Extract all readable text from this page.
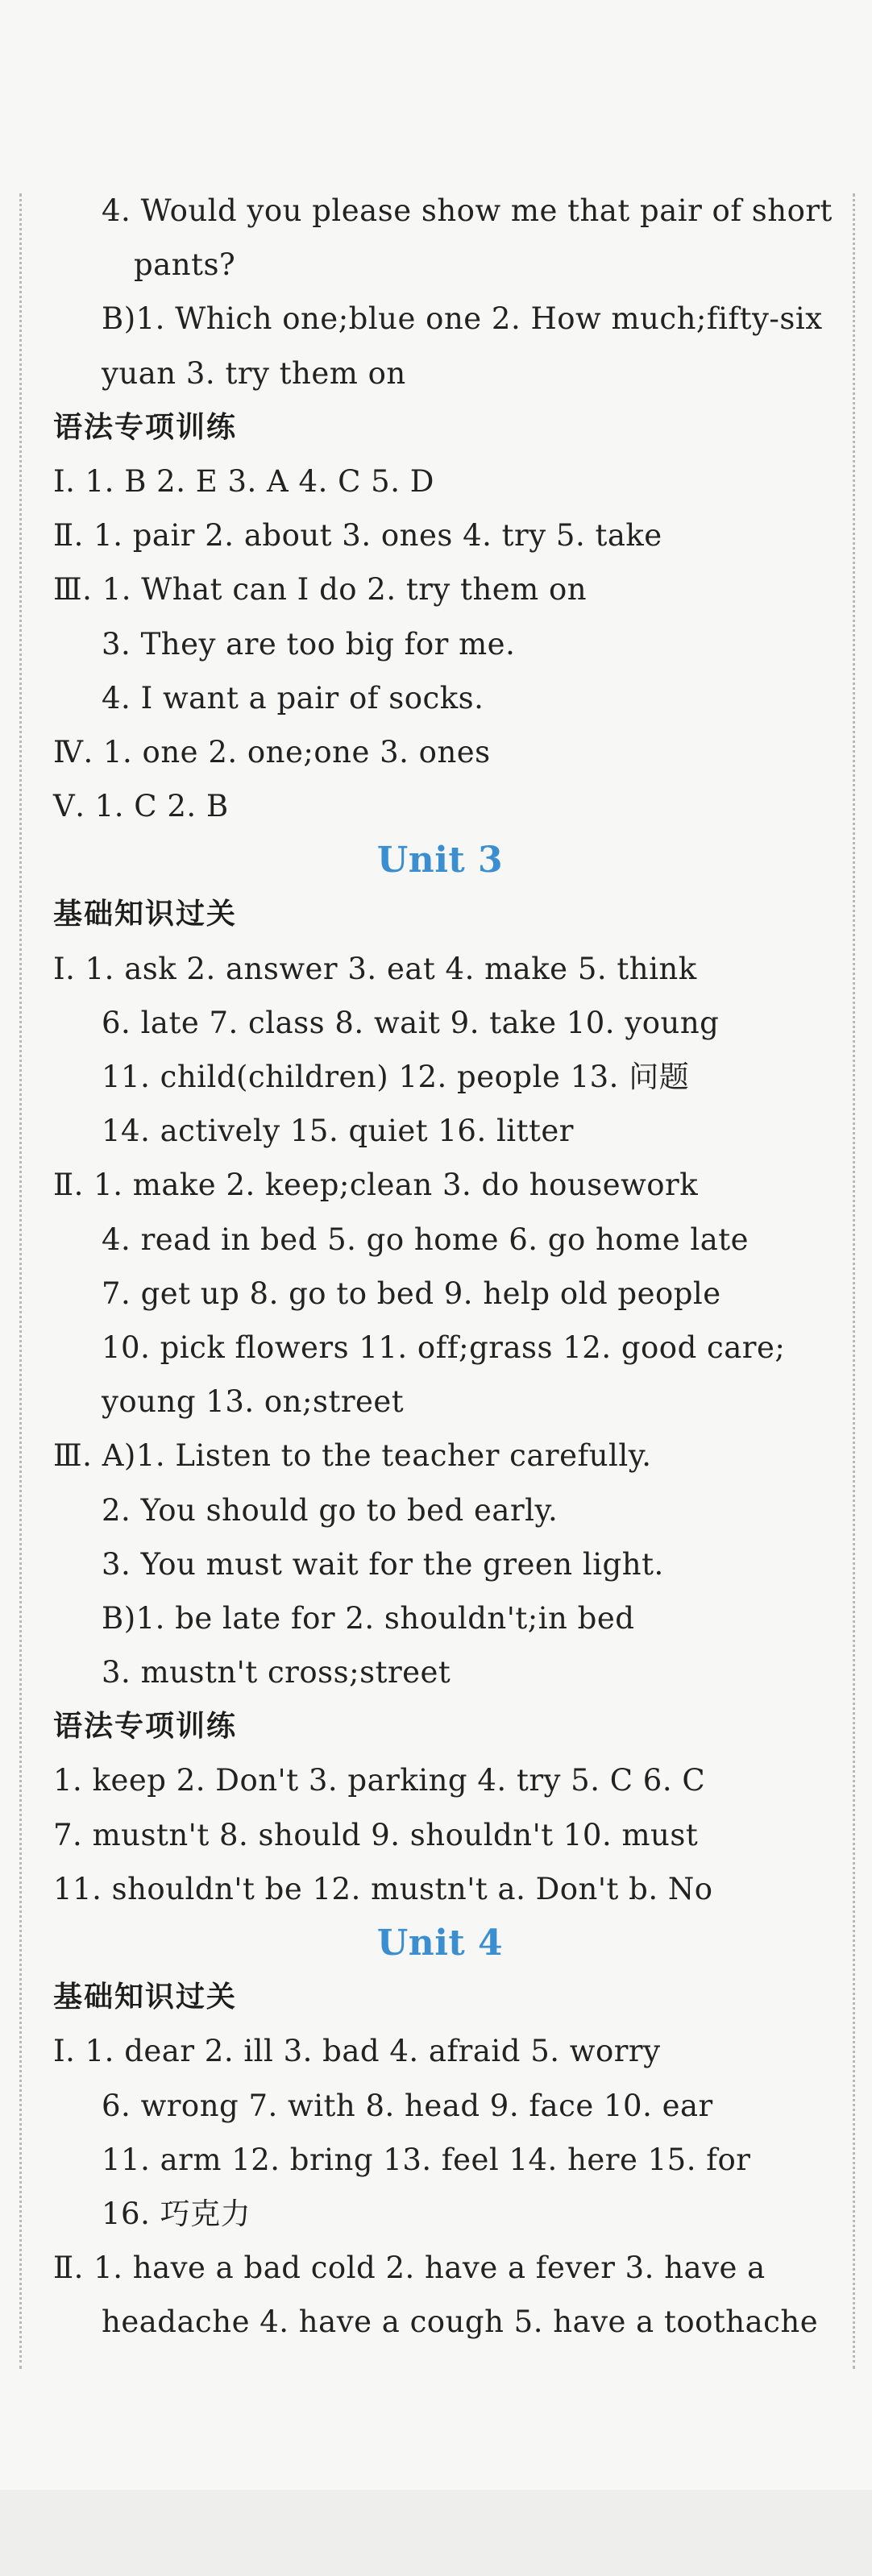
4. Would you please show me that pair of short
pants?
B)1. Which one;blue one 2. How much;fifty-six
yuan 3. try them on
语法专项训练
Ⅰ. 1. B 2. E 3. A 4. C 5. D
Ⅱ. 1. pair 2. about 3. ones 4. try 5. take
Ⅲ. 1. What can I do 2. try them on
3. They are too big for me.
4. I want a pair of socks.
Ⅳ. 1. one 2. one;one 3. ones
Ⅴ. 1. C 2. B
Unit 3
基础知识过关
Ⅰ. 1. ask 2. answer 3. eat 4. make 5. think
6. late 7. class 8. wait 9. take 10. young
11. child(children) 12. people 13. 问题
14. actively 15. quiet 16. litter
Ⅱ. 1. make 2. keep;clean 3. do housework
4. read in bed 5. go home 6. go home late
7. get up 8. go to bed 9. help old people
10. pick flowers 11. off;grass 12. good care;
young 13. on;street
Ⅲ. A)1. Listen to the teacher carefully.
2. You should go to bed early.
3. You must wait for the green light.
B)1. be late for 2. shouldn't;in bed
3. mustn't cross;street
语法专项训练
1. keep 2. Don't 3. parking 4. try 5. C 6. C
7. mustn't 8. should 9. shouldn't 10. must
11. shouldn't be 12. mustn't a. Don't b. No
Unit 4
基础知识过关
Ⅰ. 1. dear 2. ill 3. bad 4. afraid 5. worry
6. wrong 7. with 8. head 9. face 10. ear
11. arm 12. bring 13. feel 14. here 15. for
16. 巧克力
Ⅱ. 1. have a bad cold 2. have a fever 3. have a
headache 4. have a cough 5. have a toothache
